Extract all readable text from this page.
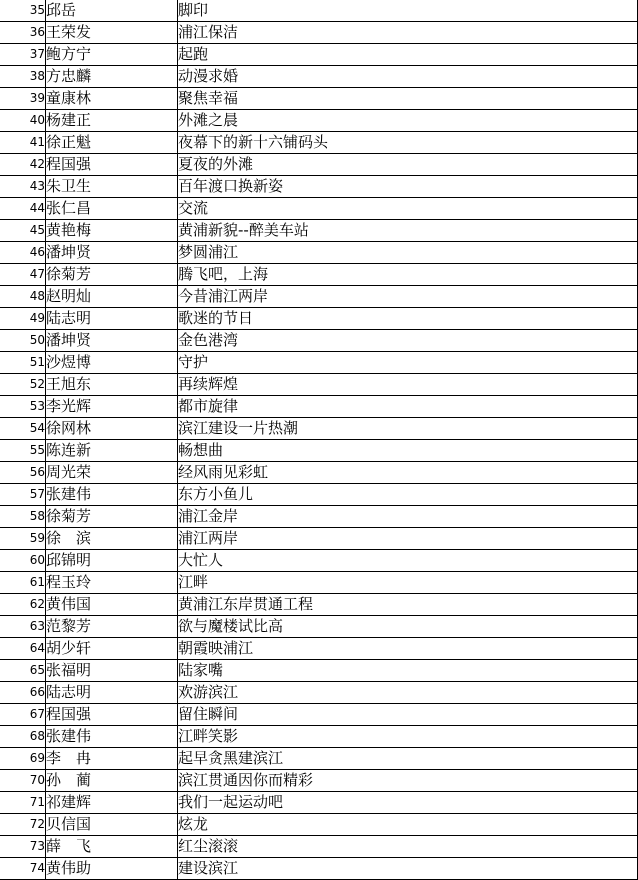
35	邱岳	脚印
36	王荣发	浦江保洁
37	鲍方宁	起跑
38	方忠麟	动漫求婚
39	童康林	聚焦幸福
40	杨建正	外滩之晨
41	徐正魁	夜幕下的新十六铺码头
42	程国强	夏夜的外滩
43	朱卫生	百年渡口换新姿
44	张仁昌	交流
45	黄艳梅	黄浦新貌--醉美车站
46	潘坤贤	梦圆浦江
47	徐菊芳	腾飞吧，上海
48	赵明灿	今昔浦江两岸
49	陆志明	歌迷的节日
50	潘坤贤	金色港湾
51	沙煜博	守护
52	王旭东	再续辉煌
53	李光辉	都市旋律
54	徐网林	滨江建设一片热潮
55	陈连新	畅想曲
56	周光荣	经风雨见彩虹
57	张建伟	东方小鱼儿
58	徐菊芳	浦江金岸
59	徐　滨	浦江两岸
60	邱锦明	大忙人
61	程玉玲	江畔
62	黄伟国	黄浦江东岸贯通工程
63	范黎芳	欲与魔楼试比高
64	胡少轩	朝霞映浦江
65	张福明	陆家嘴
66	陆志明	欢游滨江
67	程国强	留住瞬间
68	张建伟	江畔笑影
69	李　冉	起早贪黑建滨江
70	孙　蔺	滨江贯通因你而精彩
71	祁建辉	我们一起运动吧
72	贝信国	炫龙
73	薛　飞	红尘滚滚
74	黄伟助	建设滨江
